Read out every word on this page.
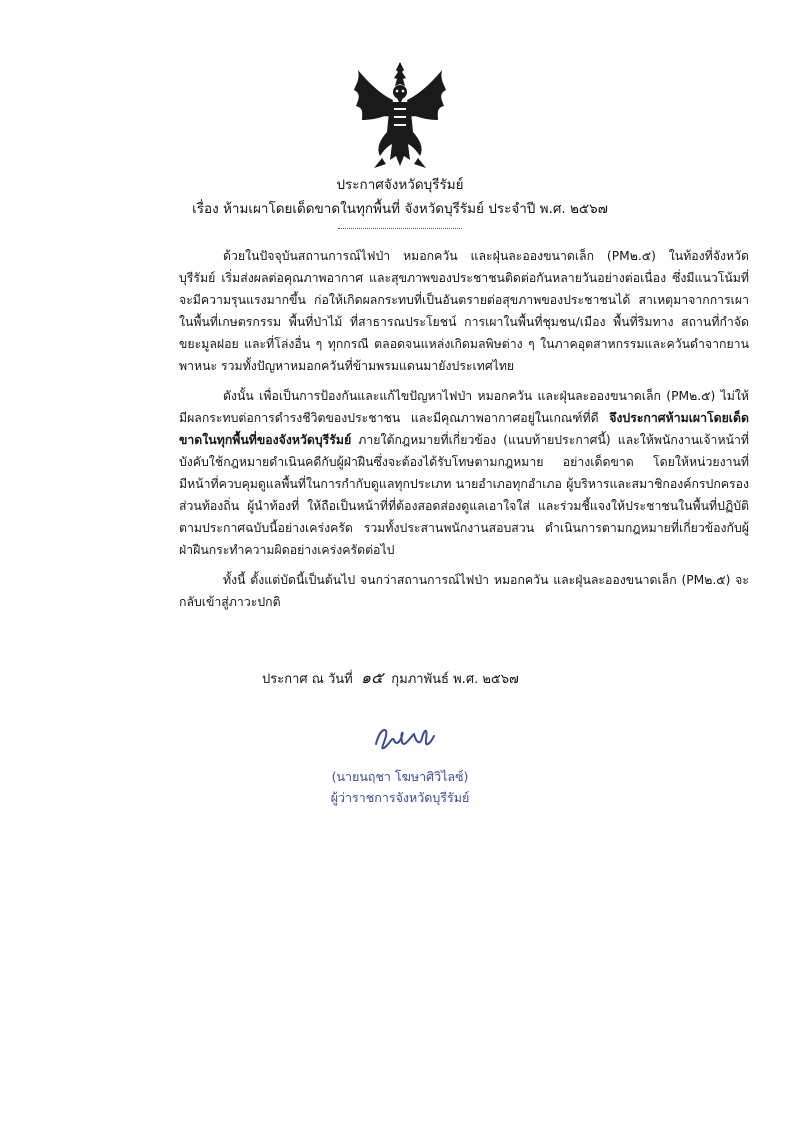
ประกาศจังหวัดบุรีรัมย์
เรื่อง ห้ามเผาโดยเด็ดขาดในทุกพื้นที่ จังหวัดบุรีรัมย์ ประจำปี พ.ศ. ๒๕๖๗

ด้วยในปัจจุบันสถานการณ์ไฟป่า หมอกควัน และฝุ่นละอองขนาดเล็ก (PM๒.๕) ในท้องที่จังหวัดบุรีรัมย์ เริ่มส่งผลต่อคุณภาพอากาศ และสุขภาพของประชาชนติดต่อกันหลายวันอย่างต่อเนื่อง ซึ่งมีแนวโน้มที่จะมีความรุนแรงมากขึ้น ก่อให้เกิดผลกระทบที่เป็นอันตรายต่อสุขภาพของประชาชนได้ สาเหตุมาจากการเผาในพื้นที่เกษตรกรรม พื้นที่ป่าไม้ ที่สาธารณประโยชน์ การเผาในพื้นที่ชุมชน/เมือง พื้นที่ริมทาง สถานที่กำจัดขยะมูลฝอย และที่โล่งอื่น ๆ ทุกกรณี ตลอดจนแหล่งเกิดมลพิษต่าง ๆ ในภาคอุตสาหกรรมและควันดำจากยานพาหนะ รวมทั้งปัญหาหมอกควันที่ข้ามพรมแดนมายังประเทศไทย

ดังนั้น เพื่อเป็นการป้องกันและแก้ไขปัญหาไฟป่า หมอกควัน และฝุ่นละอองขนาดเล็ก (PM๒.๕) ไม่ให้มีผลกระทบต่อการดำรงชีวิตของประชาชน และมีคุณภาพอากาศอยู่ในเกณฑ์ที่ดี จึงประกาศห้ามเผาโดยเด็ดขาดในทุกพื้นที่ของจังหวัดบุรีรัมย์ ภายใต้กฎหมายที่เกี่ยวข้อง (แนบท้ายประกาศนี้) และให้พนักงานเจ้าหน้าที่ บังคับใช้กฎหมายดำเนินคดีกับผู้ฝ่าฝืนซึ่งจะต้องได้รับโทษตามกฎหมาย อย่างเด็ดขาด โดยให้หน่วยงานที่มีหน้าที่ควบคุมดูแลพื้นที่ในการกำกับดูแลทุกประเภท นายอำเภอทุกอำเภอ ผู้บริหารและสมาชิกองค์กรปกครองส่วนท้องถิ่น ผู้นำท้องที่ ให้ถือเป็นหน้าที่ที่ต้องสอดส่องดูแลเอาใจใส่ และร่วมชี้แจงให้ประชาชนในพื้นที่ปฏิบัติตามประกาศฉบับนี้อย่างเคร่งครัด รวมทั้งประสานพนักงานสอบสวน ดำเนินการตามกฎหมายที่เกี่ยวข้องกับผู้ฝ่าฝืนกระทำความผิดอย่างเคร่งครัดต่อไป

ทั้งนี้ ตั้งแต่บัดนี้เป็นต้นไป จนกว่าสถานการณ์ไฟป่า หมอกควัน และฝุ่นละอองขนาดเล็ก (PM๒.๕) จะกลับเข้าสู่ภาวะปกติ

ประกาศ ณ วันที่ ๑๕ กุมภาพันธ์ พ.ศ. ๒๕๖๗
(นายนฤชา โฆษาศิวิไลซ์)
ผู้ว่าราชการจังหวัดบุรีรัมย์
